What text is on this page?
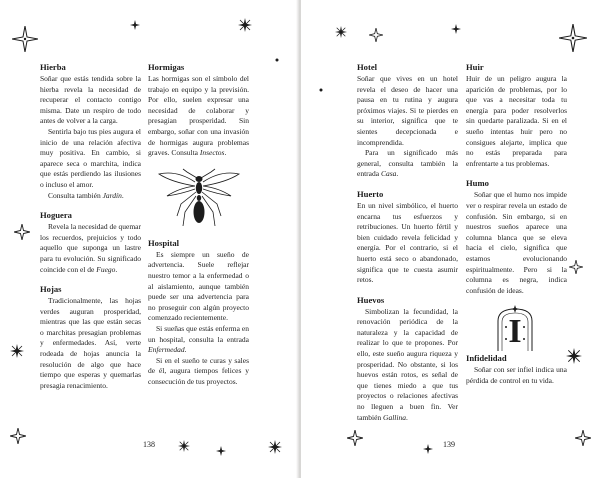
Hierba

Soñar que estás tendida sobre la hierba revela la necesidad de recuperar el contacto contigo misma. Date un respiro de todo antes de volver a la carga.

Sentirla bajo tus pies augura el inicio de una relación afectiva muy positiva. En cambio, si aparece seca o marchita, indica que estás perdiendo las ilusiones o incluso el amor.

Consulta también Jardín.

Hoguera

Revela la necesidad de quemar los recuerdos, prejuicios y todo aquello que suponga un lastre para tu evolución. Su significado coincide con el de Fuego.

Hojas

Tradicionalmente, las hojas verdes auguran prosperidad, mientras que las que están secas o marchitas presagian problemas y enfermedades. Así, verte rodeada de hojas anuncia la resolución de algo que hace tiempo que esperas y quemarlas presagia renacimiento.

Hormigas

Las hormigas son el símbolo del trabajo en equipo y la previsión. Por ello, suelen expresar una necesidad de colaborar y presagian prosperidad. Sin embargo, soñar con una invasión de hormigas augura problemas graves. Consulta Insectos.

Hospital

Es siempre un sueño de advertencia. Suele reflejar nuestro temor a la enfermedad o al aislamiento, aunque también puede ser una advertencia para no proseguir con algún proyecto comenzado recientemente.

Si sueñas que estás enferma en un hospital, consulta la entrada Enfermedad.

Si en el sueño te curas y sales de él, augura tiempos felices y consecución de tus proyectos.

138
Hotel

Soñar que vives en un hotel revela el deseo de hacer una pausa en tu rutina y augura próximos viajes. Si te pierdes en su interior, significa que te sientes decepcionada e incomprendida.

Para un significado más general, consulta también la entrada Casa.

Huerto

En un nivel simbólico, el huerto encarna tus esfuerzos y retribuciones. Un huerto fértil y bien cuidado revela felicidad y energía. Por el contrario, si el huerto está seco o abandonado, significa que te cuesta asumir retos.

Huevos

Simbolizan la fecundidad, la renovación periódica de la naturaleza y la capacidad de realizar lo que te propones. Por ello, este sueño augura riqueza y prosperidad. No obstante, si los huevos están rotos, es señal de que tienes miedo a que tus proyectos o relaciones afectivas no lleguen a buen fin. Ver también Gallina.

Huir

Huir de un peligro augura la aparición de problemas, por lo que vas a necesitar toda tu energía para poder resolverlos sin quedarte paralizada. Si en el sueño intentas huir pero no consigues alejarte, implica que no estás preparada para enfrentarte a tus problemas.

Humo

Soñar que el humo nos impide ver o respirar revela un estado de confusión. Sin embargo, si en nuestros sueños aparece una columna blanca que se eleva hacia el cielo, significa que estamos evolucionando espiritualmente. Pero si la columna es negra, indica confusión de ideas.

I
Infidelidad

Soñar con ser infiel indica una pérdida de control en tu vida.

139
